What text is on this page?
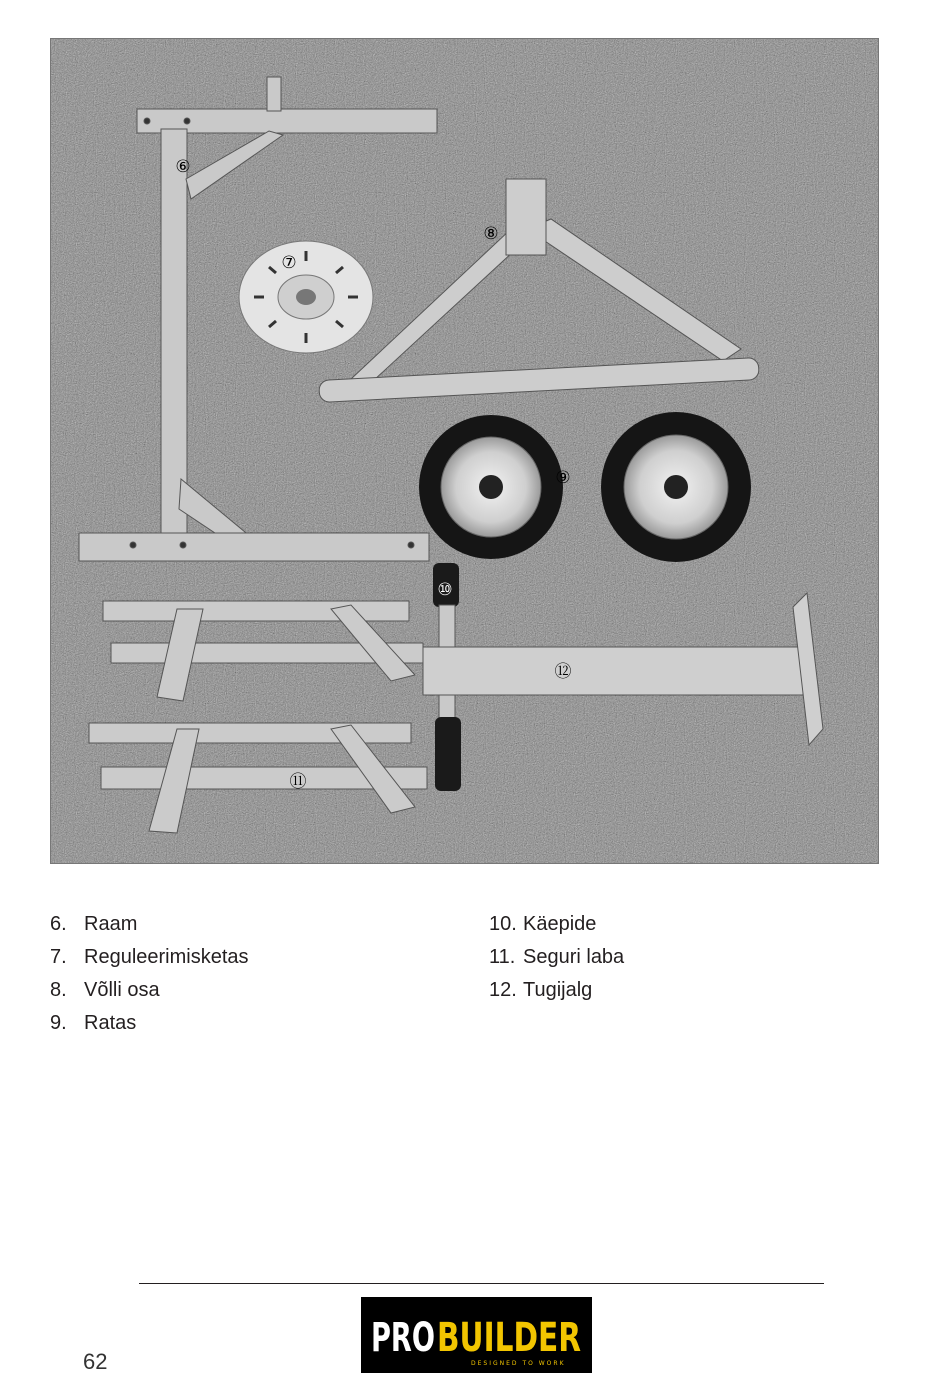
⑥
⑦
⑧
⑨
⑩
⑪
⑫
6. Raam
7. Reguleerimisketas
8. Võlli osa
9. Ratas
10. Käepide
11. Seguri laba
12. Tugijalg
62
PRO BUILDER
DESIGNED TO WORK
